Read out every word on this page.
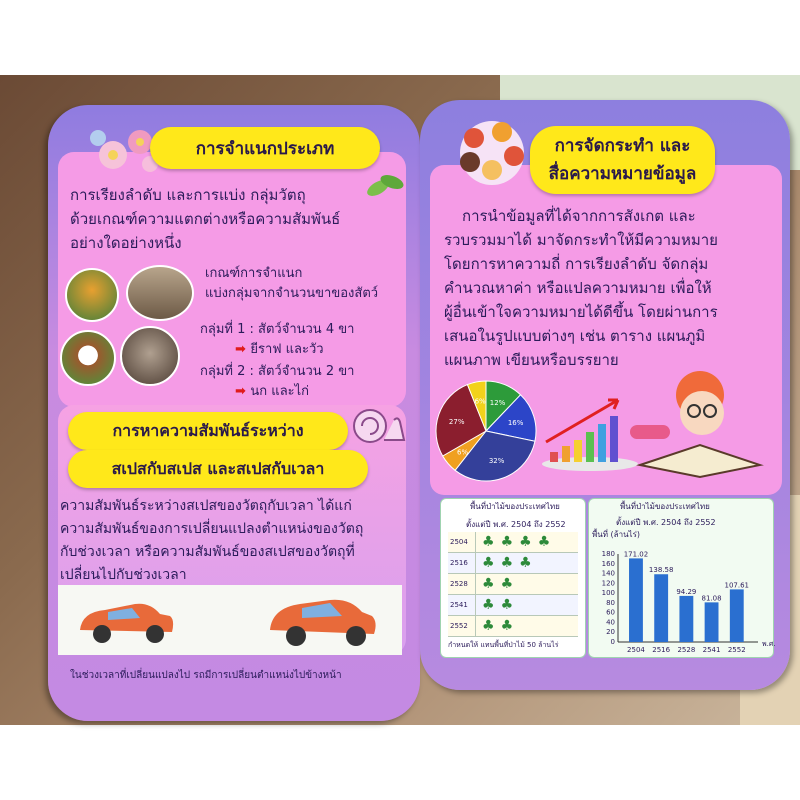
การจำแนกประเภท
การเรียงลำดับ และการแบ่ง กลุ่มวัตถุ
ด้วยเกณฑ์ความแตกต่างหรือความสัมพันธ์
อย่างใดอย่างหนึ่ง
เกณฑ์การจำแนก
แบ่งกลุ่มจากจำนวนขาของสัตว์
กลุ่มที่ 1 : สัตว์จำนวน 4 ขา
➡ ยีราฟ และวัว
กลุ่มที่ 2 : สัตว์จำนวน 2 ขา
➡ นก และไก่
การหาความสัมพันธ์ระหว่าง
สเปสกับสเปส และสเปสกับเวลา
ความสัมพันธ์ระหว่างสเปสของวัตถุกับเวลา ได้แก่
ความสัมพันธ์ของการเปลี่ยนแปลงตำแหน่งของวัตถุ
กับช่วงเวลา หรือความสัมพันธ์ของสเปสของวัตถุที่
เปลี่ยนไปกับช่วงเวลา
ในช่วงเวลาที่เปลี่ยนแปลงไป รถมีการเปลี่ยนตำแหน่งไปข้างหน้า
การจัดกระทำ และ
สื่อความหมายข้อมูล
การนำข้อมูลที่ได้จากการสังเกต และ
รวบรวมมาได้ มาจัดกระทำให้มีความหมาย
โดยการหาความถี่ การเรียงลำดับ จัดกลุ่ม
คำนวณหาค่า หรือแปลความหมาย เพื่อให้
ผู้อื่นเข้าใจความหมายได้ดีขึ้น โดยผ่านการ
เสนอในรูปแบบต่างๆ เช่น ตาราง แผนภูมิ
แผนภาพ เขียนหรือบรรยาย
12%
16%
32%
6%
27%
6%
พื้นที่ป่าไม้ของประเทศไทย
ตั้งแต่ปี พ.ศ. 2504 ถึง 2552
2504	♣ ♣ ♣ ♣
2516	♣ ♣ ♣
2528	♣ ♣
2541	♣ ♣
2552	♣ ♣
กำหนดให้ แทนพื้นที่ป่าไม้ 50 ล้านไร่
พื้นที่ป่าไม้ของประเทศไทย
ตั้งแต่ปี พ.ศ. 2504 ถึง 2552
พื้นที่ (ล้านไร่)
180
160
140
120
100
80
60
40
20
0
171.02
2504
138.58
2516
94.29
2528
81.08
2541
107.61
2552
พ.ศ.
